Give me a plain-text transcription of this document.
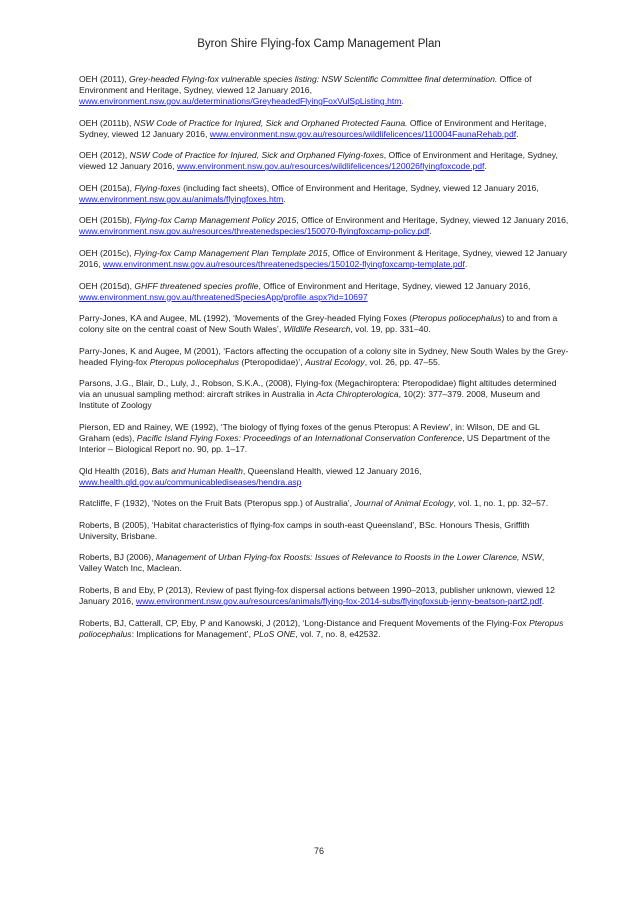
Byron Shire Flying-fox Camp Management Plan

OEH (2011), Grey-headed Flying-fox vulnerable species listing: NSW Scientific Committee final determination. Office of Environment and Heritage, Sydney, viewed 12 January 2016, www.environment.nsw.gov.au/determinations/GreyheadedFlyingFoxVulSpListing.htm.

OEH (2011b), NSW Code of Practice for Injured, Sick and Orphaned Protected Fauna. Office of Environment and Heritage, Sydney, viewed 12 January 2016, www.environment.nsw.gov.au/resources/wildlifelicences/110004FaunaRehab.pdf.

OEH (2012), NSW Code of Practice for Injured, Sick and Orphaned Flying-foxes, Office of Environment and Heritage, Sydney, viewed 12 January 2016, www.environment.nsw.gov.au/resources/wildlifelicences/120026flyingfoxcode.pdf.

OEH (2015a), Flying-foxes (including fact sheets), Office of Environment and Heritage, Sydney, viewed 12 January 2016, www.environment.nsw.gov.au/animals/flyingfoxes.htm.

OEH (2015b), Flying-fox Camp Management Policy 2015, Office of Environment and Heritage, Sydney, viewed 12 January 2016, www.environment.nsw.gov.au/resources/threatenedspecies/150070-flyingfoxcamp-policy.pdf.

OEH (2015c), Flying-fox Camp Management Plan Template 2015, Office of Environment & Heritage, Sydney, viewed 12 January 2016, www.environment.nsw.gov.au/resources/threatenedspecies/150102-flyingfoxcamp-template.pdf.

OEH (2015d), GHFF threatened species profile, Office of Environment and Heritage, Sydney, viewed 12 January 2016, www.environment.nsw.gov.au/threatenedSpeciesApp/profile.aspx?id=10697

Parry-Jones, KA and Augee, ML (1992), ‘Movements of the Grey-headed Flying Foxes (Pteropus poliocephalus) to and from a colony site on the central coast of New South Wales’, Wildlife Research, vol. 19, pp. 331–40.

Parry-Jones, K and Augee, M (2001), ‘Factors affecting the occupation of a colony site in Sydney, New South Wales by the Grey-headed Flying-fox Pteropus poliocephalus (Pteropodidae)’, Austral Ecology, vol. 26, pp. 47–55.

Parsons, J.G., Blair, D., Luly, J., Robson, S.K.A., (2008), Flying-fox (Megachiroptera: Pteropodidae) flight altitudes determined via an unusual sampling method: aircraft strikes in Australia in Acta Chiropterologica, 10(2): 377–379. 2008, Museum and Institute of Zoology

Pierson, ED and Rainey, WE (1992), ‘The biology of flying foxes of the genus Pteropus: A Review’, in: Wilson, DE and GL Graham (eds), Pacific Island Flying Foxes: Proceedings of an International Conservation Conference, US Department of the Interior – Biological Report no. 90, pp. 1–17.

Qld Health (2016), Bats and Human Health, Queensland Health, viewed 12 January 2016, www.health.qld.gov.au/communicablediseases/hendra.asp

Ratcliffe, F (1932), ‘Notes on the Fruit Bats (Pteropus spp.) of Australia’, Journal of Animal Ecology, vol. 1, no. 1, pp. 32–57.

Roberts, B (2005), ‘Habitat characteristics of flying-fox camps in south-east Queensland’, BSc. Honours Thesis, Griffith University, Brisbane.

Roberts, BJ (2006), Management of Urban Flying-fox Roosts: Issues of Relevance to Roosts in the Lower Clarence, NSW, Valley Watch Inc, Maclean.

Roberts, B and Eby, P (2013), Review of past flying-fox dispersal actions between 1990–2013, publisher unknown, viewed 12 January 2016, www.environment.nsw.gov.au/resources/animals/flying-fox-2014-subs/flyingfoxsub-jenny-beatson-part2.pdf.

Roberts, BJ, Catterall, CP, Eby, P and Kanowski, J (2012), ‘Long-Distance and Frequent Movements of the Flying-Fox Pteropus poliocephalus: Implications for Management’, PLoS ONE, vol. 7, no. 8, e42532.

76
